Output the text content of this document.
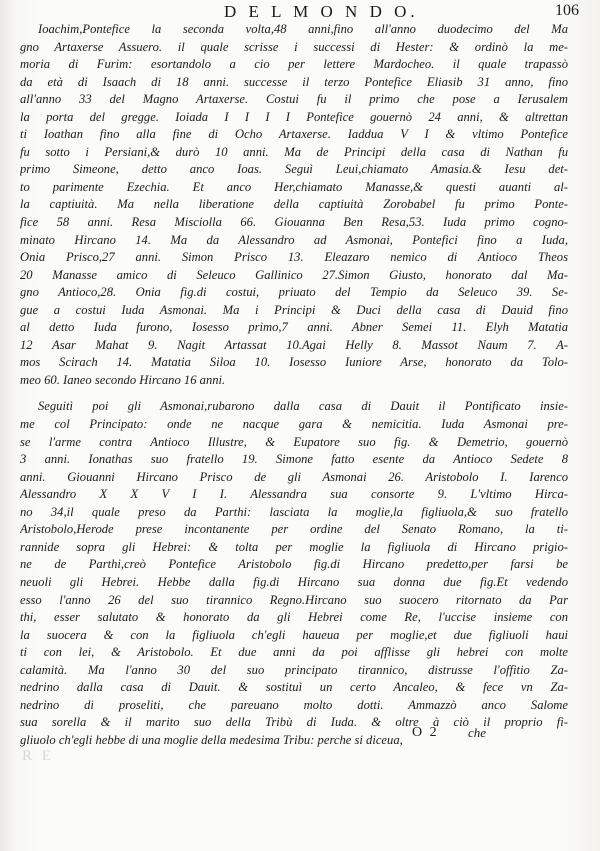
D E L M O N D O.	106
Ioachim,Pontefice la seconda volta,48 anni,fino all'anno duodecimo del Ma
gno Artaxerse Assuero. il quale scrisse i successi di Hester: & ordinò la me-
moria di Furim: esortandolo a cio per lettere Mardocheo. il quale trapassò
da età di Isaach di 18 anni. successe il terzo Pontefice Eliasib 31 anno, fino
all'anno 33 del Magno Artaxerse. Costui fu il primo che pose a Ierusalem
la porta del gregge. Ioiada I I I I Pontefice gouernò 24 anni, & altrettan
ti Ioathan fino alla fine di Ocho Artaxerse. Iaddua V I & vltimo Pontefice
fu sotto i Persiani,& durò 10 anni. Ma de Principi della casa di Nathan fu
primo Simeone, detto anco Ioas. Seguì Leui,chiamato Amasia.& Iesu det-
to parimente Ezechia. Et anco Her,chiamato Manasse,& questi auanti al-
la captiuità. Ma nella liberatione della captiuità Zorobabel fu primo Ponte-
fice 58 anni. Resa Misciolla 66. Giouanna Ben Resa,53. Iuda primo cogno-
minato Hircano 14. Ma da Alessandro ad Asmonai, Pontefici fino a Iuda,
Onia Prisco,27 anni. Simon Prisco 13. Eleazaro nemico di Antioco Theos
20 Manasse amico di Seleuco Gallinico 27.Simon Giusto, honorato dal Ma-
gno Antioco,28. Onia fig.di costui, priuato del Tempio da Seleuco 39. Se-
gue a costui Iuda Asmonai. Ma i Principi & Duci della casa di Dauid fino
al detto Iuda furono, Iosesso primo,7 anni. Abner Semei 11. Elyh Matatia
12 Asar Mahat 9. Nagit Artassat 10.Agai Helly 8. Massot Naum 7. A-
mos Scirach 14. Matatia Siloa 10. Iosesso Iuniore Arse, honorato da Tolo-
meo 60. Ianeo secondo Hircano 16 anni.
Seguitì poi gli Asmonai,rubarono dalla casa di Dauit il Pontificato insie-
me col Principato: onde ne nacque gara & nemicitia. Iuda Asmonai pre-
se l'arme contra Antioco Illustre, & Eupatore suo fig. & Demetrio, gouernò
3 anni. Ionathas suo fratello 19. Simone fatto esente da Antioco Sedete 8
anni. Giouanni Hircano Prisco de gli Asmonai 26. Aristobolo I. Iarenco
Alessandro X X V I I. Alessandra sua consorte 9. L'vltimo Hirca-
no 34,il quale preso da Parthi: lasciata la moglie,la figliuola,& suo fratello
Aristobolo,Herode prese incontanente per ordine del Senato Romano, la ti-
rannide sopra gli Hebrei: & tolta per moglie la figliuola di Hircano prigio-
ne de Parthi,creò Pontefice Aristobolo fig.di Hircano predetto,per farsi be
neuoli gli Hebrei. Hebbe dalla fig.di Hircano sua donna due fig.Et vedendo
esso l'anno 26 del suo tirannico Regno.Hircano suo suocero ritornato da Par
thi, esser salutato & honorato da gli Hebrei come Re, l'uccise insieme con
la suocera & con la figliuola ch'egli haueua per moglie,et due figliuoli haui
ti con lei, & Aristobolo. Et due anni da poi afflisse gli hebrei con molte
calamità. Ma l'anno 30 del suo principato tirannico, distrusse l'offitio Za-
nedrino dalla casa di Dauit. & sostituì un certo Ancaleo, & fece vn Za-
nedrino di proseliti, che pareuano molto dotti. Ammazzò anco Salome
sua sorella & il marito suo della Tribù di Iuda. & oltre à ciò il proprio fi-
gliuolo ch'egli hebbe di una moglie della medesima Tribu: perche si diceua, O 2 che
R E
